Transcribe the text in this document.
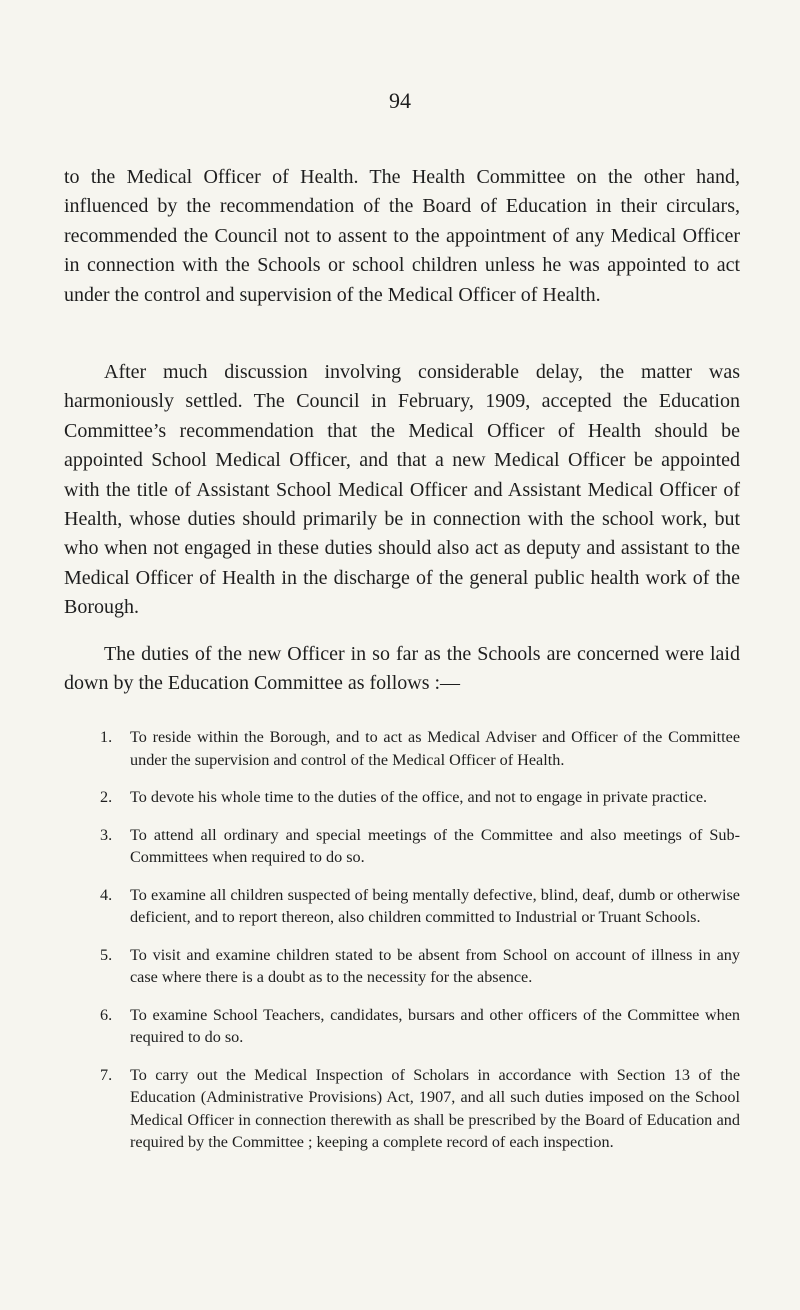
94

to the Medical Officer of Health. The Health Committee on the other hand, influenced by the recommendation of the Board of Education in their circulars, recommended the Council not to assent to the appointment of any Medical Officer in connection with the Schools or school children unless he was appointed to act under the control and supervision of the Medical Officer of Health.

After much discussion involving considerable delay, the matter was harmoniously settled. The Council in February, 1909, accepted the Education Committee’s recommendation that the Medical Officer of Health should be appointed School Medical Officer, and that a new Medical Officer be appointed with the title of Assistant School Medical Officer and Assistant Medical Officer of Health, whose duties should primarily be in connection with the school work, but who when not engaged in these duties should also act as deputy and assistant to the Medical Officer of Health in the discharge of the general public health work of the Borough.

The duties of the new Officer in so far as the Schools are concerned were laid down by the Education Committee as follows :—

1. To reside within the Borough, and to act as Medical Adviser and Officer of the Committee under the supervision and control of the Medical Officer of Health.
2. To devote his whole time to the duties of the office, and not to engage in private practice.
3. To attend all ordinary and special meetings of the Committee and also meetings of Sub-Committees when required to do so.
4. To examine all children suspected of being mentally defective, blind, deaf, dumb or otherwise deficient, and to report thereon, also children committed to Industrial or Truant Schools.
5. To visit and examine children stated to be absent from School on account of illness in any case where there is a doubt as to the necessity for the absence.
6. To examine School Teachers, candidates, bursars and other officers of the Committee when required to do so.
7. To carry out the Medical Inspection of Scholars in accordance with Section 13 of the Education (Administrative Provisions) Act, 1907, and all such duties imposed on the School Medical Officer in connection therewith as shall be prescribed by the Board of Education and required by the Committee ; keeping a complete record of each inspection.
